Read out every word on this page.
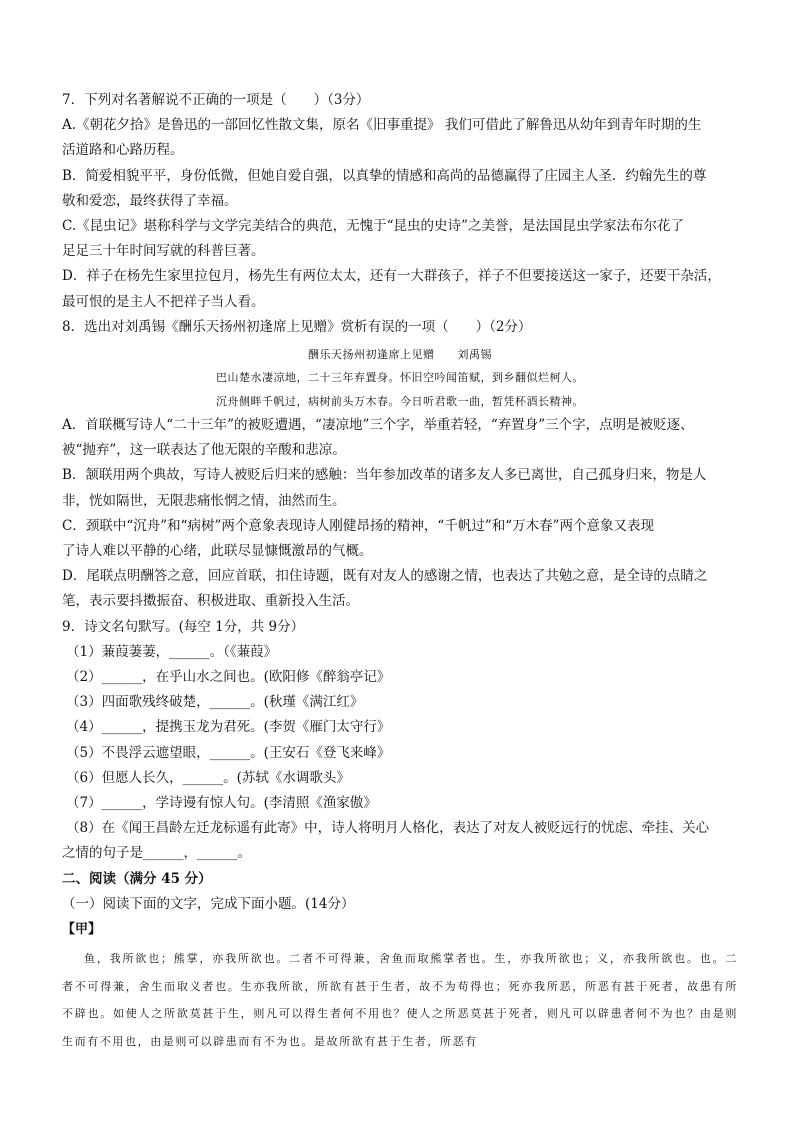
7．下列对名著解说不正确的一项是（　　）（3分）
A.《朝花夕拾》是鲁迅的一部回忆性散文集，原名《旧事重提》 我们可借此了解鲁迅从幼年到青年时期的生
活道路和心路历程。
B．简爱相貌平平，身份低微，但她自爱自强，以真挚的情感和高尚的品德赢得了庄园主人圣．约翰先生的尊
敬和爱恋，最终获得了幸福。
C.《昆虫记》堪称科学与文学完美结合的典范，无愧于“昆虫的史诗”之美誉，是法国昆虫学家法布尔花了
足足三十年时间写就的科普巨著。
D．祥子在杨先生家里拉包月，杨先生有两位太太，还有一大群孩子，祥子不但要接送这一家子，还要干杂活，
最可恨的是主人不把祥子当人看。
8．选出对刘禹锡《酬乐天扬州初逢席上见赠》赏析有误的一项（　　）（2分）
酬乐天扬州初逢席上见赠　　刘禹锡
巴山楚水凄凉地，二十三年弃置身。怀旧空吟闻笛赋，到乡翻似烂柯人。
沉舟侧畔千帆过，病树前头万木春。今日听君歌一曲，暂凭杯酒长精神。
A．首联概写诗人“二十三年”的被贬遭遇，“凄凉地”三个字，举重若轻，“弃置身”三个字，点明是被贬逐、
被“抛弃”，这一联表达了他无限的辛酸和悲凉。
B．颔联用两个典故，写诗人被贬后归来的感触：当年参加改革的诸多友人多已离世，自己孤身归来，物是人
非，恍如隔世，无限悲痛怅惘之情，油然而生。
C．颈联中“沉舟”和“病树”两个意象表现诗人刚健昂扬的精神，“千帆过”和“万木春”两个意象又表现
了诗人难以平静的心绪，此联尽显慷慨激昂的气概。
D．尾联点明酬答之意，回应首联，扣住诗题，既有对友人的感谢之情，也表达了共勉之意，是全诗的点睛之
笔，表示要抖擞振奋、积极进取、重新投入生活。
9．诗文名句默写。(每空 1分，共 9分）
（1）蒹葭萋萋，______。（《蒹葭》
（2）______，在乎山水之间也。(欧阳修《醉翁亭记》
（3）四面歌残终破楚，______。(秋瑾《满江红》
（4）______，提携玉龙为君死。(李贺《雁门太守行》
（5）不畏浮云遮望眼，______。(王安石《登飞来峰》
（6）但愿人长久，______。(苏轼《水调歌头》
（7）______，学诗谩有惊人句。(李清照《渔家傲》
（8）在《闻王昌龄左迁龙标遥有此寄》中，诗人将明月人格化，表达了对友人被贬远行的忧虑、牵挂、关心
之情的句子是______，______。
二、阅读（满分 45 分）
（一）阅读下面的文字，完成下面小题。(14分）
【甲】
鱼，我所欲也；熊掌，亦我所欲也。二者不可得兼，舍鱼而取熊掌者也。生，亦我所欲也；义，亦我所欲也。也。二者不可得兼，舍生而取义者也。生亦我所欲，所欲有甚于生者，故不为苟得也；死亦我所恶，所恶有甚于死者，故患有所不辟也。如使人之所欲莫甚于生，则凡可以得生者何不用也？使人之所恶莫甚于死者，则凡可以辟患者何不为也？由是则生而有不用也，由是则可以辟患而有不为也。是故所欲有甚于生者，所恶有
